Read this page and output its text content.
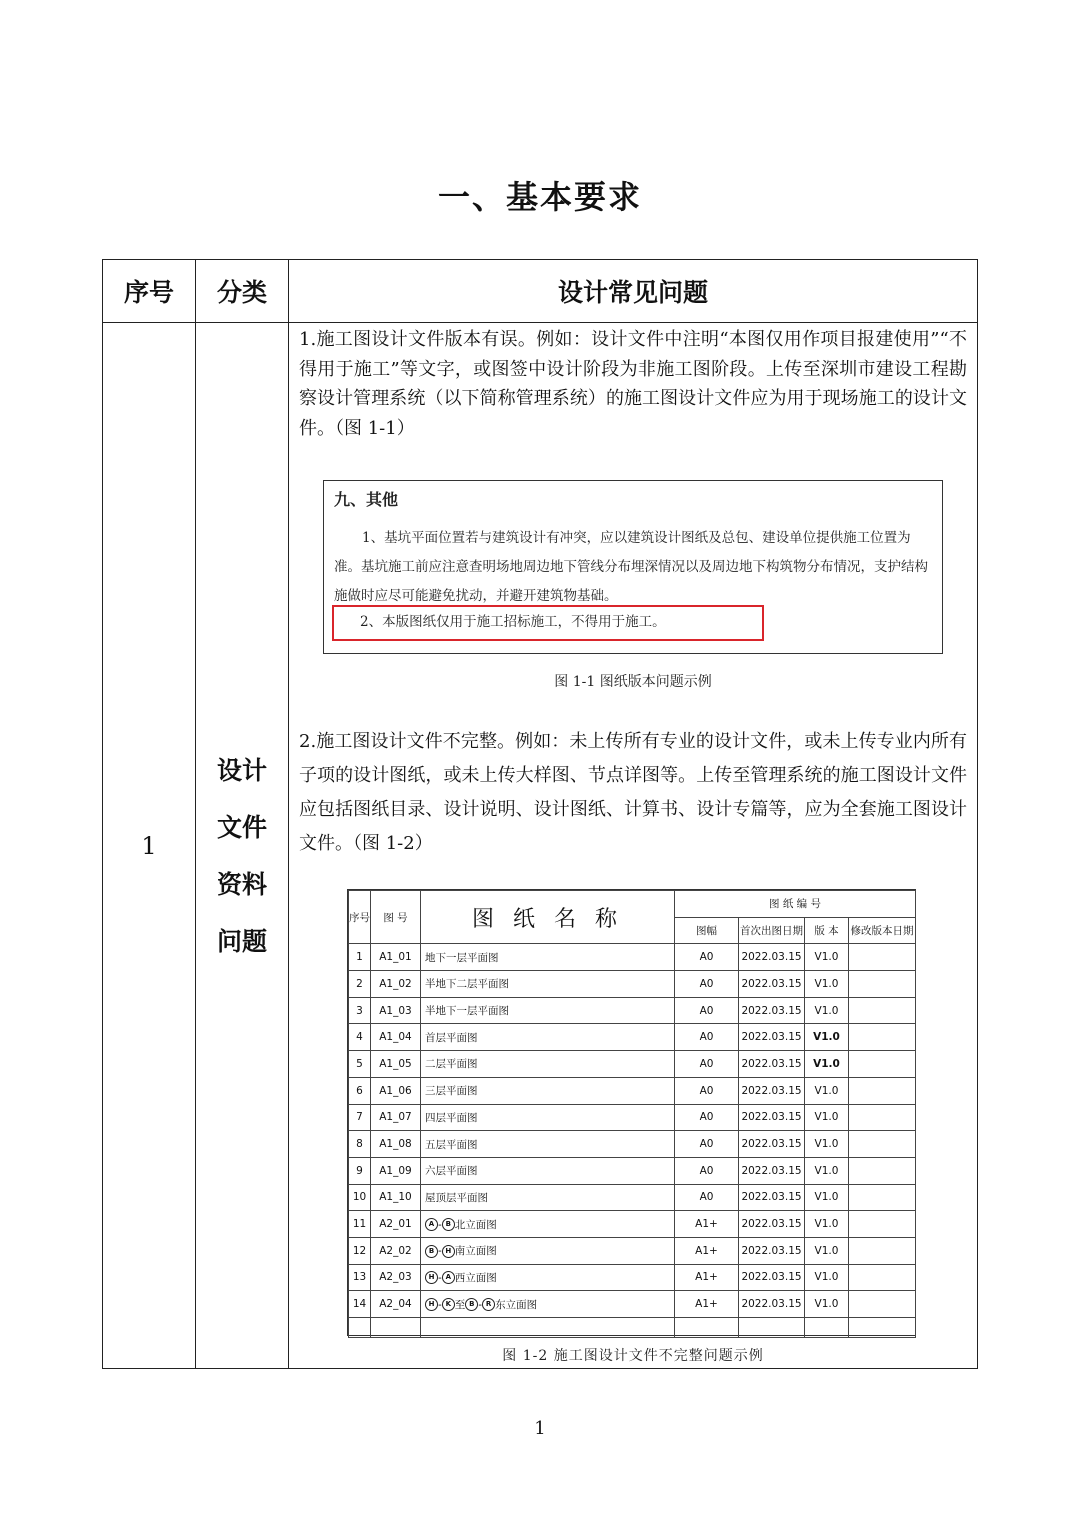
一、基本要求
序号	分类	设计常见问题
1	设计文件资料问题	

1.施工图设计文件版本有误。例如：设计文件中注明“本图仅用作项目报建使用”“不得用于施工”等文字，或图签中设计阶段为非施工图阶段。上传至深圳市建设工程勘察设计管理系统（以下简称管理系统）的施工图设计文件应为用于现场施工的设计文件。（图 1-1）

九、其他

1、基坑平面位置若与建筑设计有冲突，应以建筑设计图纸及总包、建设单位提供施工位置为准。基坑施工前应注意查明场地周边地下管线分布埋深情况以及周边地下构筑物分布情况，支护结构施做时应尽可能避免扰动，并避开建筑物基础。

2、本版图纸仅用于施工招标施工，不得用于施工。
图 1-1 图纸版本问题示例

2.施工图设计文件不完整。例如：未上传所有专业的设计文件，或未上传专业内所有子项的设计图纸，或未上传大样图、节点详图等。上传至管理系统的施工图设计文件应包括图纸目录、设计说明、设计图纸、计算书、设计专篇等，应为全套施工图设计文件。（图 1-2）

序号	图 号	图 纸 名 称	图 纸 编 号
图幅	首次出图日期	版 本	修改版本日期
1	A1_01	地下一层平面图	A0	2022.03.15	V1.0	
2	A1_02	半地下二层平面图	A0	2022.03.15	V1.0	
3	A1_03	半地下一层平面图	A0	2022.03.15	V1.0	
4	A1_04	首层平面图	A0	2022.03.15	V1.0	
5	A1_05	二层平面图	A0	2022.03.15	V1.0	
6	A1_06	三层平面图	A0	2022.03.15	V1.0	
7	A1_07	四层平面图	A0	2022.03.15	V1.0	
8	A1_08	五层平面图	A0	2022.03.15	V1.0	
9	A1_09	六层平面图	A0	2022.03.15	V1.0	
10	A1_10	屋顶层平面图	A0	2022.03.15	V1.0	
11	A2_01	A - B 北立面图	A1+	2022.03.15	V1.0	
12	A2_02	B - H 南立面图	A1+	2022.03.15	V1.0	
13	A2_03	H - A 西立面图	A1+	2022.03.15	V1.0	
14	A2_04	H - K 至 B - R 东立面图	A1+	2022.03.15	V1.0	

图 1-2 施工图设计文件不完整问题示例
1
